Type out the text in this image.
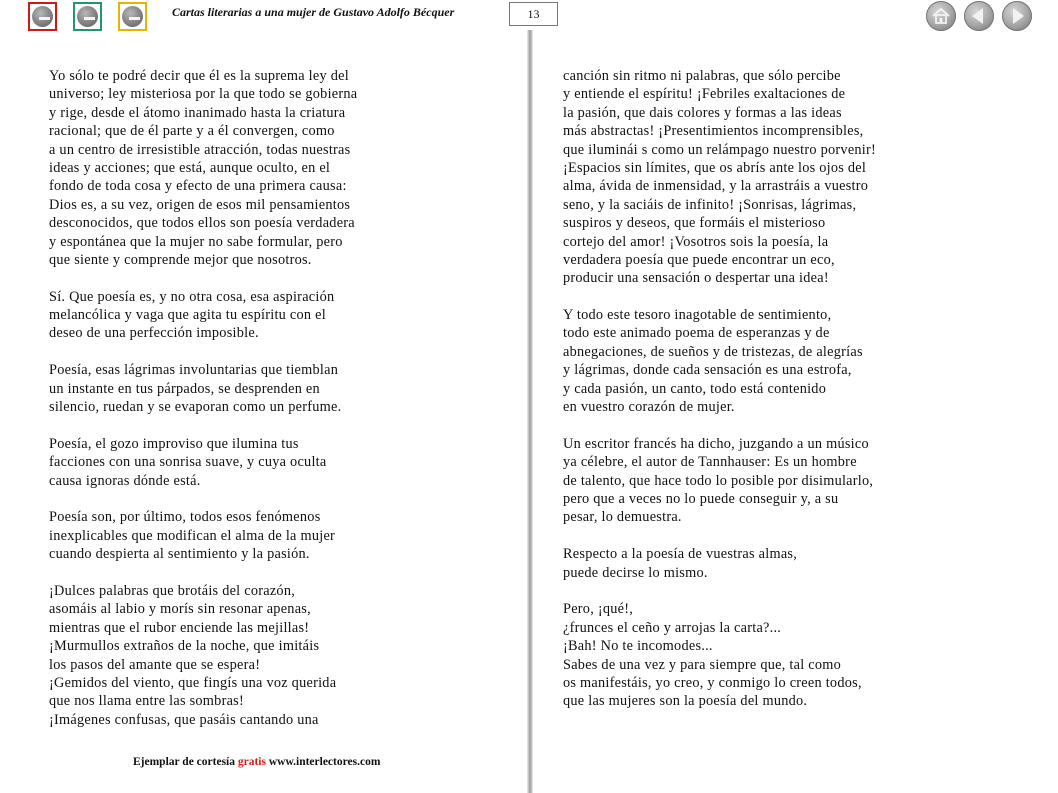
Cartas literarias a una mujer de Gustavo Adolfo Bécquer	13
Yo sólo te podré decir que él es la suprema ley del
universo; ley misteriosa por la que todo se gobierna
y rige, desde el átomo inanimado hasta la criatura
racional; que de él parte y a él convergen, como
a un centro de irresistible atracción, todas nuestras
ideas y acciones; que está, aunque oculto, en el
fondo de toda cosa y efecto de una primera causa:
Dios es, a su vez, origen de esos mil pensamientos
desconocidos, que todos ellos son poesía verdadera
y espontánea que la mujer no sabe formular, pero
que siente y comprende mejor que nosotros.
Sí. Que poesía es, y no otra cosa, esa aspiración
melancólica y vaga que agita tu espíritu con el
deseo de una perfección imposible.
Poesía, esas lágrimas involuntarias que tiemblan
un instante en tus párpados, se desprenden en
silencio, ruedan y se evaporan como un perfume.
Poesía, el gozo improviso que ilumina tus
facciones con una sonrisa suave, y cuya oculta
causa ignoras dónde está.
Poesía son, por último, todos esos fenómenos
inexplicables que modifican el alma de la mujer
cuando despierta al sentimiento y la pasión.
¡Dulces palabras que brotáis del corazón,
asomáis al labio y morís sin resonar apenas,
mientras que el rubor enciende las mejillas!
¡Murmullos extraños de la noche, que imitáis
los pasos del amante que se espera!
¡Gemidos del viento, que fingís una voz querida
que nos llama entre las sombras!
¡Imágenes confusas, que pasáis cantando una
canción sin ritmo ni palabras, que sólo percibe
y entiende el espíritu! ¡Febriles exaltaciones de
la pasión, que dais colores y formas a las ideas
más abstractas! ¡Presentimientos incomprensibles,
que iluminái s como un relámpago nuestro porvenir!
¡Espacios sin límites, que os abrís ante los ojos del
alma, ávida de inmensidad, y la arrastráis a vuestro
seno, y la saciáis de infinito! ¡Sonrisas, lágrimas,
suspiros y deseos, que formáis el misterioso
cortejo del amor! ¡Vosotros sois la poesía, la
verdadera poesía que puede encontrar un eco,
producir una sensación o despertar una idea!
Y todo este tesoro inagotable de sentimiento,
todo este animado poema de esperanzas y de
abnegaciones, de sueños y de tristezas, de alegrías
y lágrimas, donde cada sensación es una estrofa,
y cada pasión, un canto, todo está contenido
en vuestro corazón de mujer.
Un escritor francés ha dicho, juzgando a un músico
ya célebre, el autor de Tannhauser: Es un hombre
de talento, que hace todo lo posible por disimularlo,
pero que a veces no lo puede conseguir y, a su
pesar, lo demuestra.
Respecto a la poesía de vuestras almas,
puede decirse lo mismo.
Pero, ¡qué!,
¿frunces el ceño y arrojas la carta?...
¡Bah! No te incomodes...
Sabes de una vez y para siempre que, tal como
os manifestáis, yo creo, y conmigo lo creen todos,
que las mujeres son la poesía del mundo.
Ejemplar de cortesía gratis www.interlectores.com
